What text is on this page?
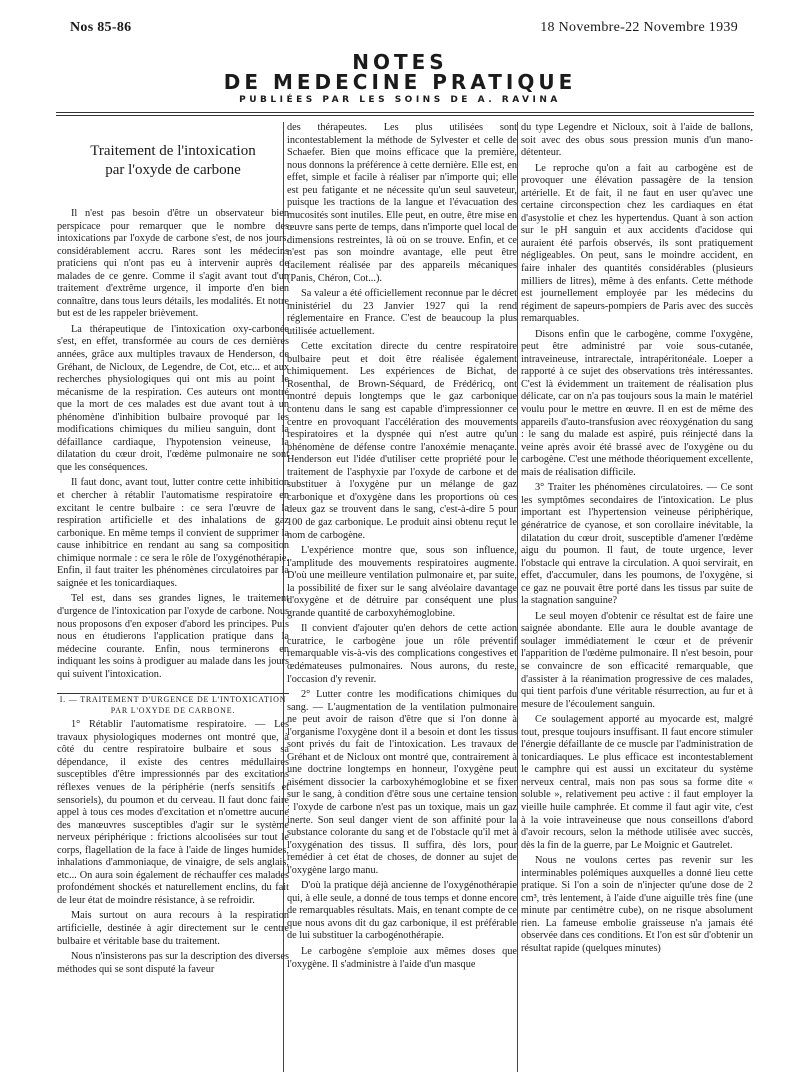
Nos 85-86	18 Novembre-22 Novembre 1939
NOTES
DE MEDECINE PRATIQUE
PUBLIÉES PAR LES SOINS DE A. RAVINA
Traitement de l'intoxication
par l'oxyde de carbone

Il n'est pas besoin d'être un observateur bien perspicace pour remarquer que le nombre des intoxications par l'oxyde de carbone s'est, de nos jours, considérablement accru. Rares sont les médecins praticiens qui n'ont pas eu à intervenir auprès de malades de ce genre. Comme il s'agit avant tout d'un traitement d'extrême urgence, il importe d'en bien connaître, dans tous leurs détails, les modalités. Et notre but est de les rappeler brièvement.

La thérapeutique de l'intoxication oxy-carbonée s'est, en effet, transformée au cours de ces dernières années, grâce aux multiples travaux de Henderson, de Gréhant, de Nicloux, de Legendre, de Cot, etc... et aux recherches physiologiques qui ont mis au point le mécanisme de la respiration. Ces auteurs ont montré que la mort de ces malades est due avant tout à un phénomène d'inhibition bulbaire provoqué par les modifications chimiques du milieu sanguin, dont la défaillance cardiaque, l'hypotension veineuse, la dilatation du cœur droit, l'œdème pulmonaire ne sont que les conséquences.

Il faut donc, avant tout, lutter contre cette inhibition et chercher à rétablir l'automatisme respiratoire en excitant le centre bulbaire : ce sera l'œuvre de la respiration artificielle et des inhalations de gaz carbonique. En même temps il convient de supprimer la cause inhibitrice en rendant au sang sa composition chimique normale : ce sera le rôle de l'oxygénothérapie. Enfin, il faut traiter les phénomènes circulatoires par la saignée et les tonicardiaques.

Tel est, dans ses grandes lignes, le traitement d'urgence de l'intoxication par l'oxyde de carbone. Nous nous proposons d'en exposer d'abord les principes. Puis nous en étudierons l'application pratique dans la médecine courante. Enfin, nous terminerons en indiquant les soins à prodiguer au malade dans les jours qui suivent l'intoxication.

I. — TRAITEMENT D'URGENCE DE L'INTOXICATION PAR L'OXYDE DE CARBONE.

1° Rétablir l'automatisme respiratoire. — Les travaux physiologiques modernes ont montré que, à côté du centre respiratoire bulbaire et sous sa dépendance, il existe des centres médullaires susceptibles d'être impressionnés par des excitations réflexes venues de la périphérie (nerfs sensitifs et sensoriels), du poumon et du cerveau. Il faut donc faire appel à tous ces modes d'excitation et n'omettre aucune des manœuvres susceptibles d'agir sur le système nerveux périphérique : frictions alcoolisées sur tout le corps, flagellation de la face à l'aide de linges humides, inhalations d'ammoniaque, de vinaigre, de sels anglais, etc... On aura soin également de réchauffer ces malades profondément shockés et naturellement enclins, du fait de leur état de moindre résistance, à se refroidir.

Mais surtout on aura recours à la respiration artificielle, destinée à agir directement sur le centre bulbaire et véritable base du traitement.

Nous n'insisterons pas sur la description des diverses méthodes qui se sont disputé la faveur

des thérapeutes. Les plus utilisées sont incontestablement la méthode de Sylvester et celle de Schaefer. Bien que moins efficace que la première, nous donnons la préférence à cette dernière. Elle est, en effet, simple et facile à réaliser par n'importe qui; elle est peu fatigante et ne nécessite qu'un seul sauveteur, puisque les tractions de la langue et l'évacuation des mucosités sont inutiles. Elle peut, en outre, être mise en œuvre sans perte de temps, dans n'importe quel local de dimensions restreintes, là où on se trouve. Enfin, et ce n'est pas son moindre avantage, elle peut être facilement réalisée par des appareils mécaniques (Panis, Chéron, Cot...).

Sa valeur a été officiellement reconnue par le décret ministériel du 23 Janvier 1927 qui la rend réglementaire en France. C'est de beaucoup la plus utilisée actuellement.

Cette excitation directe du centre respiratoire bulbaire peut et doit être réalisée également chimiquement. Les expériences de Bichat, de Rosenthal, de Brown-Séquard, de Frédéricq, ont montré depuis longtemps que le gaz carbonique contenu dans le sang est capable d'impressionner ce centre en provoquant l'accélération des mouvements respiratoires et la dyspnée qui n'est autre qu'un phénomène de défense contre l'anoxémie menaçante. Henderson eut l'idée d'utiliser cette propriété pour le traitement de l'asphyxie par l'oxyde de carbone et de substituer à l'oxygène pur un mélange de gaz carbonique et d'oxygène dans les proportions où ces deux gaz se trouvent dans le sang, c'est-à-dire 5 pour 100 de gaz carbonique. Le produit ainsi obtenu reçut le nom de carbogène.

L'expérience montre que, sous son influence, l'amplitude des mouvements respiratoires augmente. D'où une meilleure ventilation pulmonaire et, par suite, la possibilité de fixer sur le sang alvéolaire davantage d'oxygène et de détruire par conséquent une plus grande quantité de carboxyhémoglobine.

Il convient d'ajouter qu'en dehors de cette action curatrice, le carbogène joue un rôle préventif remarquable vis-à-vis des complications congestives et œdémateuses pulmonaires. Nous aurons, du reste, l'occasion d'y revenir.

2° Lutter contre les modifications chimiques du sang. — L'augmentation de la ventilation pulmonaire ne peut avoir de raison d'être que si l'on donne à l'organisme l'oxygène dont il a besoin et dont les tissus sont privés du fait de l'intoxication. Les travaux de Gréhant et de Nicloux ont montré que, contrairement à une doctrine longtemps en honneur, l'oxygène peut aisément dissocier la carboxyhémoglobine et se fixer sur le sang, à condition d'être sous une certaine tension : l'oxyde de carbone n'est pas un toxique, mais un gaz inerte. Son seul danger vient de son affinité pour la substance colorante du sang et de l'obstacle qu'il met à l'oxygénation des tissus. Il suffira, dès lors, pour remédier à cet état de choses, de donner au sujet de l'oxygène largo manu.

D'où la pratique déjà ancienne de l'oxygénothérapie qui, à elle seule, a donné de tous temps et donne encore de remarquables résultats. Mais, en tenant compte de ce que nous avons dit du gaz carbonique, il est préférable de lui substituer la carbogénothérapie.

Le carbogène s'emploie aux mêmes doses que l'oxygène. Il s'administre à l'aide d'un masque

du type Legendre et Nicloux, soit à l'aide de ballons, soit avec des obus sous pression munis d'un mano-détenteur.

Le reproche qu'on a fait au carbogène est de provoquer une élévation passagère de la tension artérielle. Et de fait, il ne faut en user qu'avec une certaine circonspection chez les cardiaques en état d'asystolie et chez les hypertendus. Quant à son action sur le pH sanguin et aux accidents d'acidose qui auraient été parfois observés, ils sont pratiquement négligeables. On peut, sans le moindre accident, en faire inhaler des quantités considérables (plusieurs milliers de litres), même à des enfants. Cette méthode est journellement employée par les médecins du régiment de sapeurs-pompiers de Paris avec des succès remarquables.

Disons enfin que le carbogène, comme l'oxygène, peut être administré par voie sous-cutanée, intraveineuse, intrarectale, intrapéritonéale. Loeper a rapporté à ce sujet des observations très intéressantes. C'est là évidemment un traitement de réalisation plus délicate, car on n'a pas toujours sous la main le matériel voulu pour le mettre en œuvre. Il en est de même des appareils d'auto-transfusion avec réoxygénation du sang : le sang du malade est aspiré, puis réinjecté dans la veine après avoir été brassé avec de l'oxygène ou du carbogène. C'est une méthode théoriquement excellente, mais de réalisation difficile.

3° Traiter les phénomènes circulatoires. — Ce sont les symptômes secondaires de l'intoxication. Le plus important est l'hypertension veineuse périphérique, génératrice de cyanose, et son corollaire inévitable, la dilatation du cœur droit, susceptible d'amener l'œdème aigu du poumon. Il faut, de toute urgence, lever l'obstacle qui entrave la circulation. A quoi servirait, en effet, d'accumuler, dans les poumons, de l'oxygène, si ce gaz ne pouvait être porté dans les tissus par suite de la stagnation sanguine?

Le seul moyen d'obtenir ce résultat est de faire une saignée abondante. Elle aura le double avantage de soulager immédiatement le cœur et de prévenir l'apparition de l'œdème pulmonaire. Il n'est besoin, pour se convaincre de son efficacité remarquable, que d'assister à la réanimation progressive de ces malades, qui tient parfois d'une véritable résurrection, au fur et à mesure de l'écoulement sanguin.

Ce soulagement apporté au myocarde est, malgré tout, presque toujours insuffisant. Il faut encore stimuler l'énergie défaillante de ce muscle par l'administration de tonicardiaques. Le plus efficace est incontestablement le camphre qui est aussi un excitateur du système nerveux central, mais non pas sous sa forme dite « soluble », relativement peu active : il faut employer la vieille huile camphrée. Et comme il faut agir vite, c'est à la voie intraveineuse que nous conseillons d'abord d'avoir recours, selon la méthode utilisée avec succès, dès la fin de la guerre, par Le Moignic et Gautrelet.

Nous ne voulons certes pas revenir sur les interminables polémiques auxquelles a donné lieu cette pratique. Si l'on a soin de n'injecter qu'une dose de 2 cm³, très lentement, à l'aide d'une aiguille très fine (une minute par centimètre cube), on ne risque absolument rien. La fameuse embolie graisseuse n'a jamais été observée dans ces conditions. Et l'on est sûr d'obtenir un résultat rapide (quelques minutes)
